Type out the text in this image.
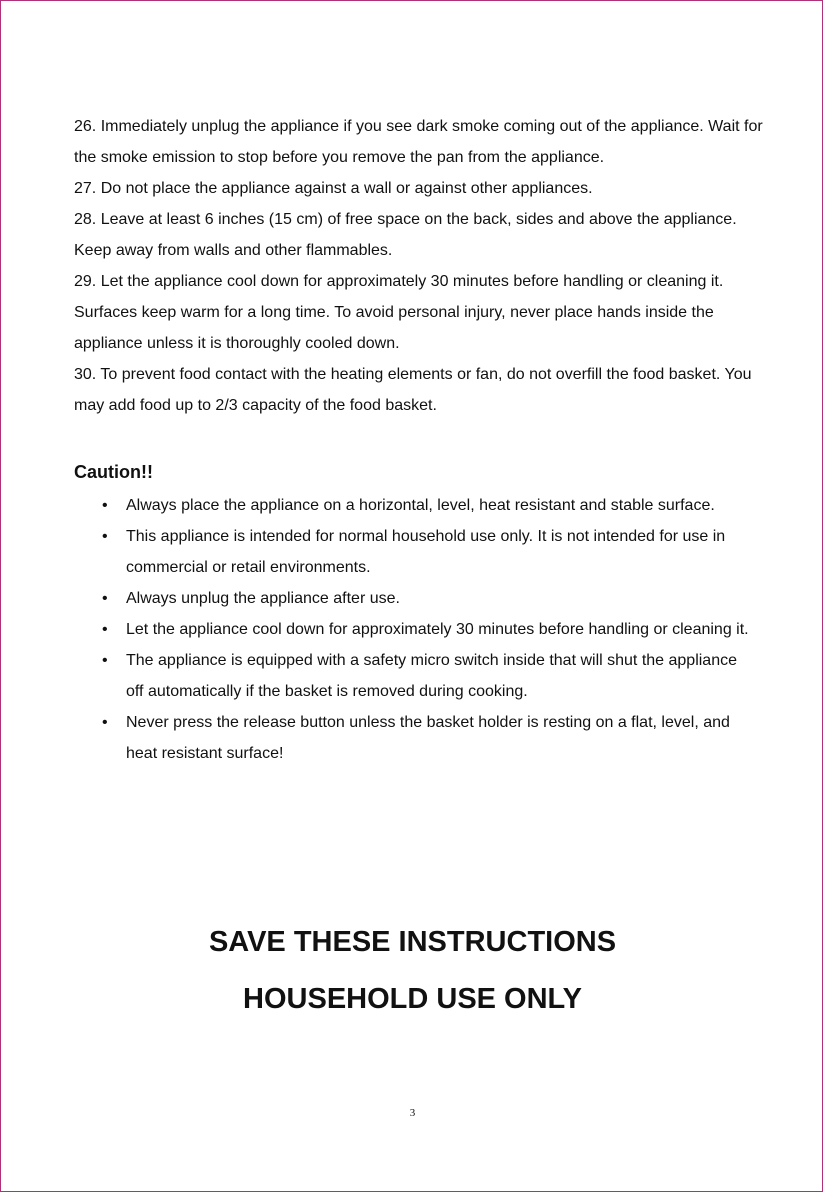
26. Immediately unplug the appliance if you see dark smoke coming out of the appliance. Wait for the smoke emission to stop before you remove the pan from the appliance.
27. Do not place the appliance against a wall or against other appliances.
28. Leave at least 6 inches (15 cm) of free space on the back, sides and above the appliance. Keep away from walls and other flammables.
29. Let the appliance cool down for approximately 30 minutes before handling or cleaning it. Surfaces keep warm for a long time. To avoid personal injury, never place hands inside the appliance unless it is thoroughly cooled down.
30. To prevent food contact with the heating elements or fan, do not overfill the food basket. You may add food up to 2/3 capacity of the food basket.
Caution!!
• Always place the appliance on a horizontal, level, heat resistant and stable surface.
• This appliance is intended for normal household use only. It is not intended for use in commercial or retail environments.
• Always unplug the appliance after use.
• Let the appliance cool down for approximately 30 minutes before handling or cleaning it.
• The appliance is equipped with a safety micro switch inside that will shut the appliance off automatically if the basket is removed during cooking.
• Never press the release button unless the basket holder is resting on a flat, level, and heat resistant surface!
SAVE THESE INSTRUCTIONS
HOUSEHOLD USE ONLY
3
